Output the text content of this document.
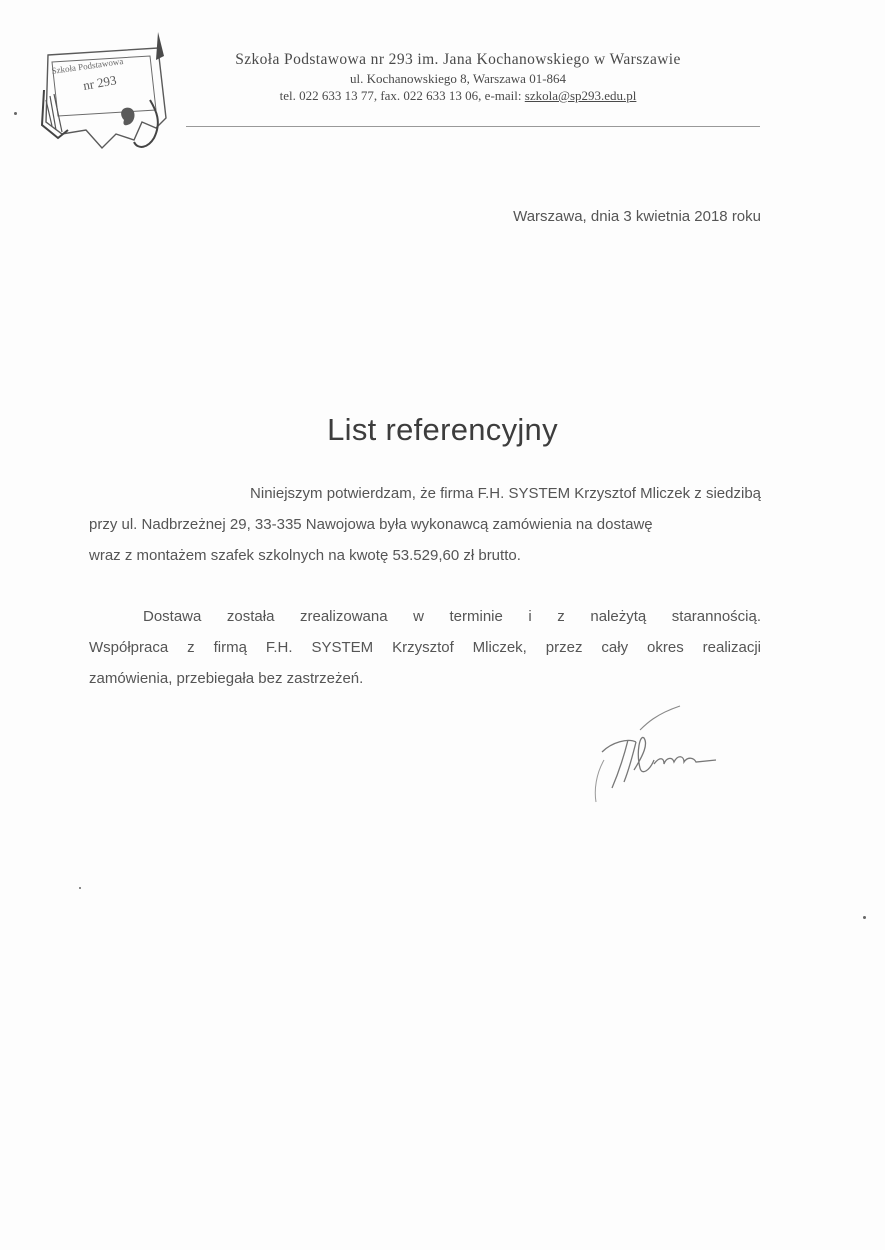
Szkoła Podstawowa
nr 293
Szkoła Podstawowa nr 293 im. Jana Kochanowskiego w Warszawie
ul. Kochanowskiego 8, Warszawa 01-864
tel. 022 633 13 77, fax. 022 633 13 06, e-mail: szkola@sp293.edu.pl
Warszawa, dnia 3 kwietnia 2018 roku
List referencyjny
Niniejszym potwierdzam, że firma F.H. SYSTEM Krzysztof Mliczek z siedzibą
przy ul. Nadbrzeżnej 29, 33-335 Nawojowa była wykonawcą zamówienia na dostawę
wraz z montażem szafek szkolnych na kwotę 53.529,60 zł brutto.
Dostawa została zrealizowana w terminie i z należytą starannością.
Współpraca z firmą F.H. SYSTEM Krzysztof Mliczek, przez cały okres realizacji
zamówienia, przebiegała bez zastrzeżeń.
